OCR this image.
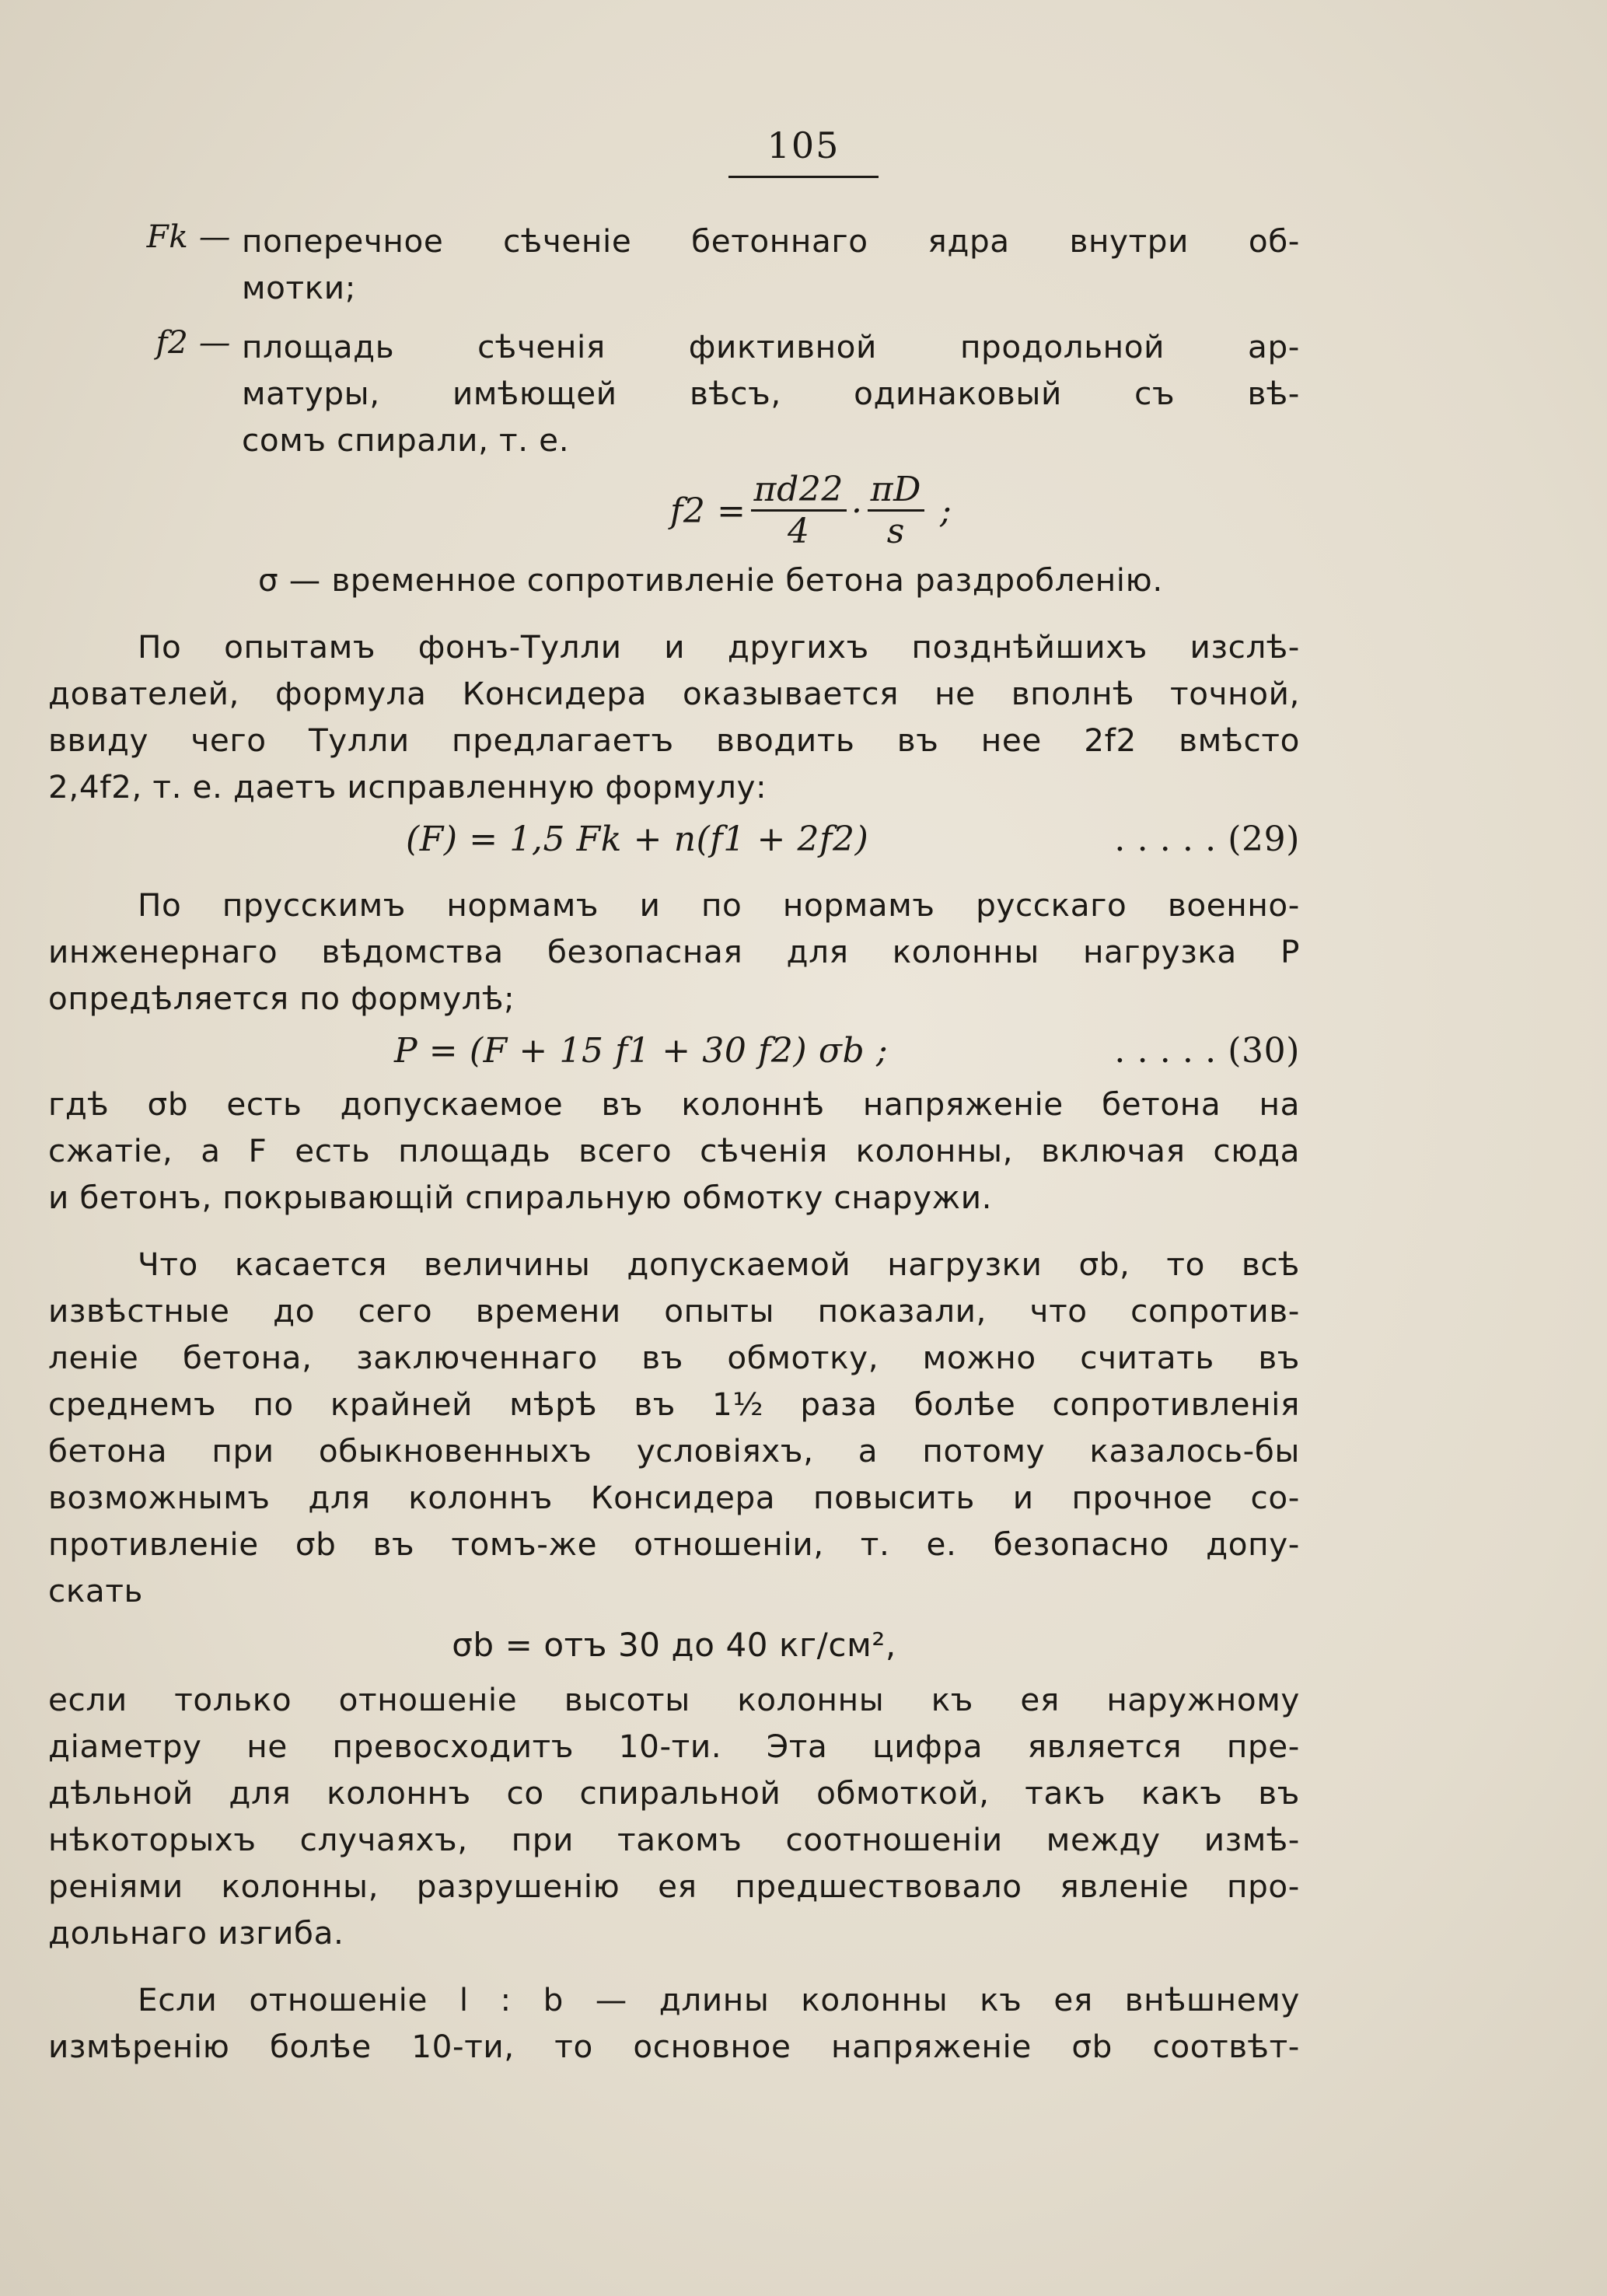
105
Fk — поперечное сѣченіе бетоннаго ядра внутри об-
мотки;
f2 — площадь сѣченія фиктивной продольной ар-
матуры, имѣющей вѣсъ, одинаковый съ вѣ-
сомъ спирали, т. е.
$f2 = \frac{\pi d22}{4} \cdot \frac{\pi D}{s}$ ;
σ — временное сопротивленіе бетона раздробленію.
По опытамъ фонъ-Тулли и другихъ позднѣйшихъ изслѣ-
дователей, формула Консидера оказывается не вполнѣ точной,
ввиду чего Тулли предлагаетъ вводить въ нее 2f2 вмѣсто
2,4f2, т. е. даетъ исправленную формулу:
(F) = 1,5 Fk + n(f1 + 2f2)	. . . . . (29)
По прусскимъ нормамъ и по нормамъ русскаго военно-
инженернаго вѣдомства безопасная для колонны нагрузка P
опредѣляется по формулѣ;
P = (F + 15 f1 + 30 f2) σb ;	. . . . . (30)
гдѣ σb есть допускаемое въ колоннѣ напряженіе бетона на
сжатіе, а F есть площадь всего сѣченія колонны, включая сюда
и бетонъ, покрывающій спиральную обмотку снаружи.
Что касается величины допускаемой нагрузки σb, то всѣ
извѣстные до сего времени опыты показали, что сопротив-
леніе бетона, заключеннаго въ обмотку, можно считать въ
среднемъ по крайней мѣрѣ въ 1½ раза болѣе сопротивленія
бетона при обыкновенныхъ условіяхъ, а потому казалось-бы
возможнымъ для колоннъ Консидера повысить и прочное со-
противленіе σb въ томъ-же отношеніи, т. е. безопасно допу-
скать
σb = отъ 30 до 40 кг/см²,
если только отношеніе высоты колонны къ ея наружному
діаметру не превосходитъ 10-ти. Эта цифра является пре-
дѣльной для колоннъ со спиральной обмоткой, такъ какъ въ
нѣкоторыхъ случаяхъ, при такомъ соотношеніи между измѣ-
реніями колонны, разрушенію ея предшествовало явленіе про-
дольнаго изгиба.
Если отношеніе l : b — длины колонны къ ея внѣшнему
измѣренію болѣе 10-ти, то основное напряженіе σb соотвѣт-
